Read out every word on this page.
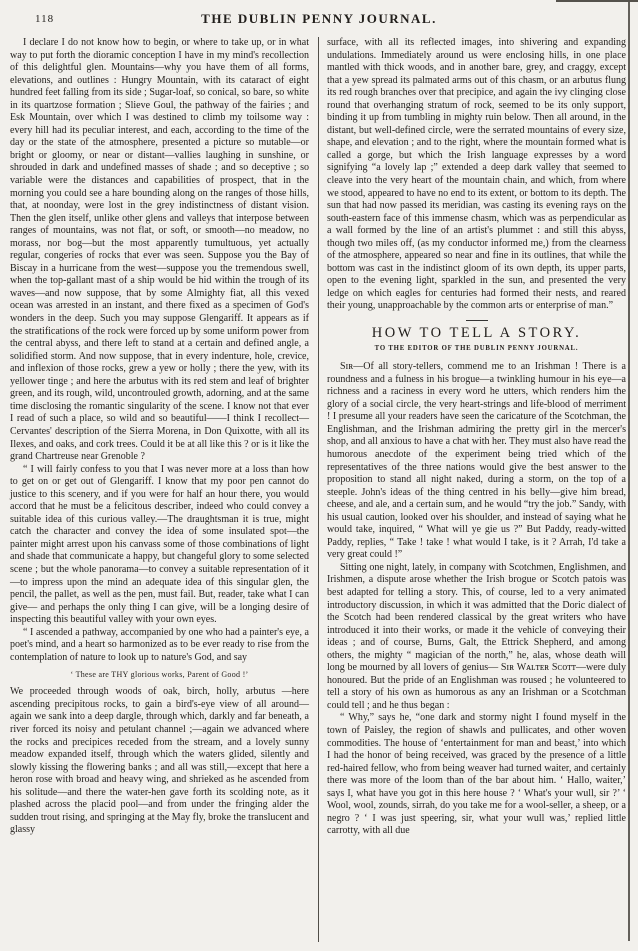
118	THE DUBLIN PENNY JOURNAL.

I declare I do not know how to begin, or where to take up, or in what way to put forth the dioramic conception I have in my mind's recollection of this delightful glen. Mountains—why you have them of all forms, elevations, and outlines : Hungry Mountain, with its cataract of eight hundred feet falling from its side ; Sugar-loaf, so conical, so bare, so white in its quartzose formation ; Slieve Goul, the pathway of the fairies ; and Esk Mountain, over which I was destined to climb my toilsome way : every hill had its peculiar interest, and each, according to the time of the day or the state of the atmosphere, presented a picture so mutable—or bright or gloomy, or near or distant—vallies laughing in sunshine, or shrouded in dark and undefined masses of shade ; and so deceptive ; so variable were the distances and capabilities of prospect, that in the morning you could see a hare bounding along on the ranges of those hills, that, at noonday, were lost in the grey indistinctness of distant vision. Then the glen itself, unlike other glens and valleys that interpose between ranges of mountains, was not flat, or soft, or smooth—no meadow, no morass, nor bog—but the most apparently tumultuous, yet actually regular, congeries of rocks that ever was seen. Suppose you the Bay of Biscay in a hurricane from the west—suppose you the tremendous swell, when the top-gallant mast of a ship would be hid within the trough of its waves—and now suppose, that by some Almighty fiat, all this vexed ocean was arrested in an instant, and there fixed as a specimen of God's wonders in the deep. Such you may suppose Glengariff. It appears as if the stratifications of the rock were forced up by some uniform power from the central abyss, and there left to stand at a certain and defined angle, a solidified storm. And now suppose, that in every indenture, hole, crevice, and inflexion of those rocks, grew a yew or holly ; there the yew, with its yellower tinge ; and here the arbutus with its red stem and leaf of brighter green, and its rough, wild, uncontrouled growth, adorning, and at the same time disclosing the romantic singularity of the scene. I know not that ever I read of such a place, so wild and so beautiful——I think I recollect—Cervantes' description of the Sierra Morena, in Don Quixotte, with all its Ilexes, and oaks, and cork trees. Could it be at all like this ? or is it like the grand Chartreuse near Grenoble ?

“ I will fairly confess to you that I was never more at a loss than how to get on or get out of Glengariff. I know that my poor pen cannot do justice to this scenery, and if you were for half an hour there, you would accord that he must be a felicitous describer, indeed who could convey a suitable idea of this curious valley.—The draughtsman it is true, might catch the character and convey the idea of some insulated spot—the painter might arrest upon his canvass some of those combinations of light and shade that communicate a happy, but changeful glory to some selected scene ; but the whole panorama—to convey a suitable representation of it—to impress upon the mind an adequate idea of this singular glen, the pencil, the pallet, as well as the pen, must fail. But, reader, take what I can give— and perhaps the only thing I can give, will be a longing desire of inspecting this beautiful valley with your own eyes.

“ I ascended a pathway, accompanied by one who had a painter's eye, a poet's mind, and a heart so harmonized as to be ever ready to rise from the contemplation of nature to look up to nature's God, and say

‘ These are THY glorious works, Parent of Good !’

We proceeded through woods of oak, birch, holly, arbutus —here ascending precipitous rocks, to gain a bird's-eye view of all around—again we sank into a deep dargle, through which, darkly and far beneath, a river forced its noisy and petulant channel ;—again we advanced where the rocks and precipices receded from the stream, and a lovely sunny meadow expanded itself, through which the waters glided, silently and slowly kissing the flowering banks ; and all was still,—except that here a heron rose with broad and heavy wing, and shrieked as he ascended from his solitude—and there the water-hen gave forth its scolding note, as it plashed across the placid pool—and from under the fringing alder the sudden trout rising, and springing at the May fly, broke the translucent and glassy

surface, with all its reflected images, into shivering and expanding undulations. Immediately around us were enclosing hills, in one place mantled with thick woods, and in another bare, grey, and craggy, except that a yew spread its palmated arms out of this chasm, or an arbutus flung its red rough branches over that precipice, and again the ivy clinging close round that overhanging stratum of rock, seemed to be its only support, binding it up from tumbling in mighty ruin below. Then all around, in the distant, but well-defined circle, were the serrated mountains of every size, shape, and elevation ; and to the right, where the mountain formed what is called a gorge, but which the Irish language expresses by a word signifying “a lovely lap ;” extended a deep dark valley that seemed to cleave into the very heart of the mountain chain, and which, from where we stood, appeared to have no end to its extent, or bottom to its depth. The sun that had now passed its meridian, was casting its evening rays on the south-eastern face of this immense chasm, which was as perpendicular as a wall formed by the line of an artist's plummet : and still this abyss, though two miles off, (as my conductor informed me,) from the clearness of the atmosphere, appeared so near and fine in its outlines, that while the bottom was cast in the indistinct gloom of its own depth, its upper parts, open to the evening light, sparkled in the sun, and presented the very ledge on which eagles for centuries had formed their nests, and reared their young, unapproachable by the common arts or enterprise of man.”

HOW TO TELL A STORY.
TO THE EDITOR OF THE DUBLIN PENNY JOURNAL.

Sɪʀ—Of all story-tellers, commend me to an Irishman ! There is a roundness and a fulness in his brogue—a twinkling humour in his eye—a richness and a raciness in every word he utters, which renders him the glory of a social circle, the very heart-strings and life-blood of merriment ! I presume all your readers have seen the caricature of the Scotchman, the Englishman, and the Irishman admiring the pretty girl in the mercer's shop, and all anxious to have a chat with her. They must also have read the humorous anecdote of the experiment being tried which of the representatives of the three nations would give the best answer to the proposition to stand all night naked, during a storm, on the top of a steeple. John's ideas of the thing centred in his belly—give him bread, cheese, and ale, and a certain sum, and he would “try the job.” Sandy, with his usual caution, looked over his shoulder, and instead of saying what he would take, inquired, “ What will ye gie us ?” But Paddy, ready-witted Paddy, replies, “ Take ! take ! what would I take, is it ? Arrah, I'd take a very great could !”

Sitting one night, lately, in company with Scotchmen, Englishmen, and Irishmen, a dispute arose whether the Irish brogue or Scotch patois was best adapted for telling a story. This, of course, led to a very animated introductory discussion, in which it was admitted that the Doric dialect of the Scotch had been rendered classical by the great writers who have introduced it into their works, or made it the vehicle of conveying their ideas ; and of course, Burns, Galt, the Ettrick Shepherd, and among others, the mighty “ magician of the north,” he, alas, whose death will long be mourned by all lovers of genius— Sɪʀ Wᴀʟᴛᴇʀ Sᴄᴏᴛᴛ—were duly honoured. But the pride of an Englishman was roused ; he volunteered to tell a story of his own as humorous as any an Irishman or a Scotchman could tell ; and he thus began :

“ Why,” says he, “one dark and stormy night I found myself in the town of Paisley, the region of shawls and pullicates, and other woven commodities. The house of ‘entertainment for man and beast,’ into which I had the honor of being received, was graced by the presence of a little red-haired fellow, who from being weaver had turned waiter, and certainly there was more of the loom than of the bar about him. ‘ Hallo, waiter,’ says I, what have you got in this here house ? ‘ What's your wull, sir ?’ ‘ Wool, wool, zounds, sirrah, do you take me for a wool-seller, a sheep, or a negro ? ‘ I was just speering, sir, what your wull was,’ replied little carrotty, with all due
